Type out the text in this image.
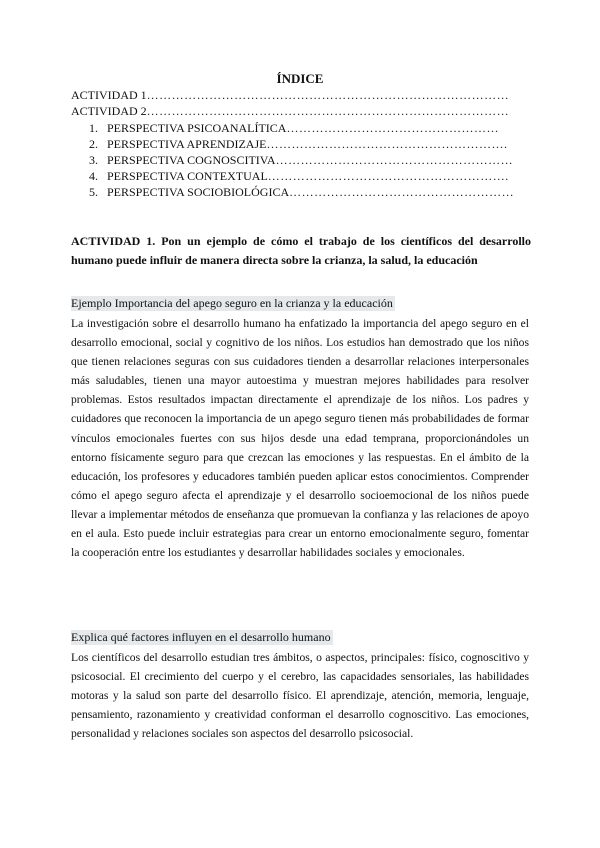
ÍNDICE
ACTIVIDAD 1……………………………………………………………………………
ACTIVIDAD 2……………………………………………………………………………
1. PERSPECTIVA PSICOANALÍTICA……………………………………………
2. PERSPECTIVA APRENDIZAJE………………………………………………….
3. PERSPECTIVA COGNOSCITIVA…………………………………………………
4. PERSPECTIVA CONTEXTUAL………………………………………………….
5. PERSPECTIVA SOCIOBIOLÓGICA………………………………………………
ACTIVIDAD 1. Pon un ejemplo de cómo el trabajo de los científicos del desarrollo humano puede influir de manera directa sobre la crianza, la salud, la educación
Ejemplo Importancia del apego seguro en la crianza y la educación
La investigación sobre el desarrollo humano ha enfatizado la importancia del apego seguro en el desarrollo emocional, social y cognitivo de los niños. Los estudios han demostrado que los niños que tienen relaciones seguras con sus cuidadores tienden a desarrollar relaciones interpersonales más saludables, tienen una mayor autoestima y muestran mejores habilidades para resolver problemas. Estos resultados impactan directamente el aprendizaje de los niños. Los padres y cuidadores que reconocen la importancia de un apego seguro tienen más probabilidades de formar vínculos emocionales fuertes con sus hijos desde una edad temprana, proporcionándoles un entorno físicamente seguro para que crezcan las emociones y las respuestas. En el ámbito de la educación, los profesores y educadores también pueden aplicar estos conocimientos. Comprender cómo el apego seguro afecta el aprendizaje y el desarrollo socioemocional de los niños puede llevar a implementar métodos de enseñanza que promuevan la confianza y las relaciones de apoyo en el aula. Esto puede incluir estrategias para crear un entorno emocionalmente seguro, fomentar la cooperación entre los estudiantes y desarrollar habilidades sociales y emocionales.
Explica qué factores influyen en el desarrollo humano
Los científicos del desarrollo estudian tres ámbitos, o aspectos, principales: físico, cognoscitivo y psicosocial. El crecimiento del cuerpo y el cerebro, las capacidades sensoriales, las habilidades motoras y la salud son parte del desarrollo físico. El aprendizaje, atención, memoria, lenguaje, pensamiento, razonamiento y creatividad conforman el desarrollo cognoscitivo. Las emociones, personalidad y relaciones sociales son aspectos del desarrollo psicosocial.
